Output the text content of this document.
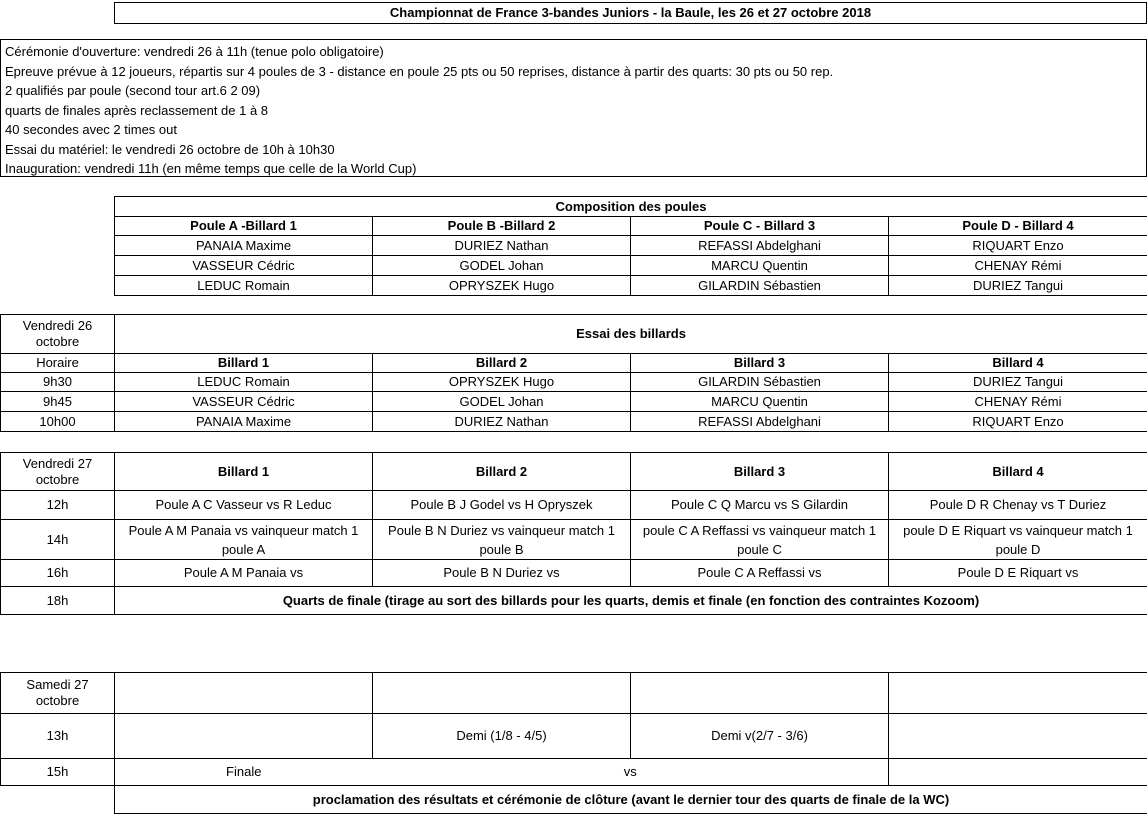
Championnat de France 3-bandes Juniors - la Baule, les 26 et 27 octobre 2018
Cérémonie d'ouverture: vendredi 26 à 11h (tenue polo obligatoire)
Epreuve prévue à 12 joueurs, répartis sur 4 poules de 3 - distance en poule 25 pts ou 50 reprises, distance à partir des quarts: 30 pts ou 50 rep.
2 qualifiés par poule (second tour art.6 2 09)
quarts de finales après reclassement de 1 à 8
40 secondes avec 2 times out
Essai du matériel: le vendredi 26 octobre de 10h à 10h30
Inauguration: vendredi 11h (en même temps que celle de la World Cup)
Composition des poules			
Poule A -Billard 1	Poule B -Billard 2	Poule C - Billard 3	Poule D - Billard 4
PANAIA Maxime	DURIEZ Nathan	REFASSI Abdelghani	RIQUART Enzo
VASSEUR Cédric	GODEL Johan	MARCU Quentin	CHENAY Rémi
LEDUC Romain	OPRYSZEK Hugo	GILARDIN Sébastien	DURIEZ Tangui
Vendredi 26 octobre	Essai des billards			
Horaire	Billard 1	Billard 2	Billard 3	Billard 4
9h30	LEDUC Romain	OPRYSZEK Hugo	GILARDIN Sébastien	DURIEZ Tangui
9h45	VASSEUR Cédric	GODEL Johan	MARCU Quentin	CHENAY Rémi
10h00	PANAIA Maxime	DURIEZ Nathan	REFASSI Abdelghani	RIQUART Enzo
Vendredi 27 octobre	Billard 1	Billard 2	Billard 3	Billard 4
12h	Poule A C Vasseur vs R Leduc	Poule B J Godel vs H Opryszek	Poule C Q Marcu vs S Gilardin	Poule D R Chenay vs T Duriez
14h	Poule A M Panaia vs vainqueur match 1 poule A	Poule B N Duriez vs vainqueur match 1 poule B	poule C A Reffassi vs vainqueur match 1 poule C	poule D E Riquart vs vainqueur match 1 poule D
16h	Poule A M Panaia vs	Poule B N Duriez vs	Poule C A Reffassi vs	Poule D E Riquart vs
18h	Quarts de finale (tirage au sort des billards pour les quarts, demis et finale (en fonction des contraintes Kozoom)			
Samedi 27 octobre				
13h		Demi (1/8 - 4/5)	Demi v(2/7 - 3/6)	
15h	Finale	vs		
	proclamation des résultats et cérémonie de clôture (avant le dernier tour des quarts de finale de la WC)			
